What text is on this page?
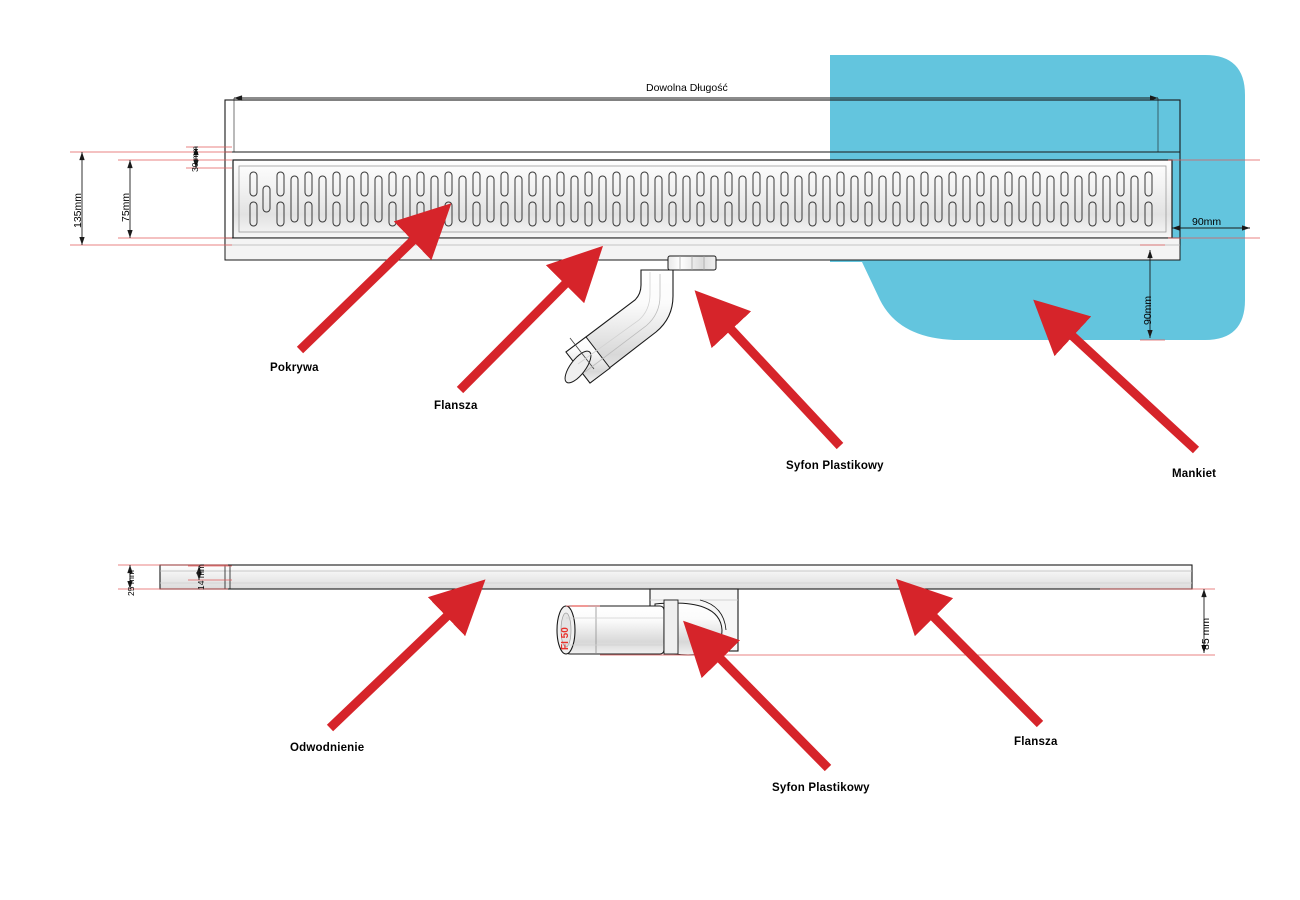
Dowolna Długość
135mm	75mm
30 mm
90mm
90mm
Pokrywa
Flansza
Syfon Plastikowy
Mankiet
25 mm	14 mm
85 mm
FI 50
Odwodnienie
Syfon Plastikowy
Flansza
